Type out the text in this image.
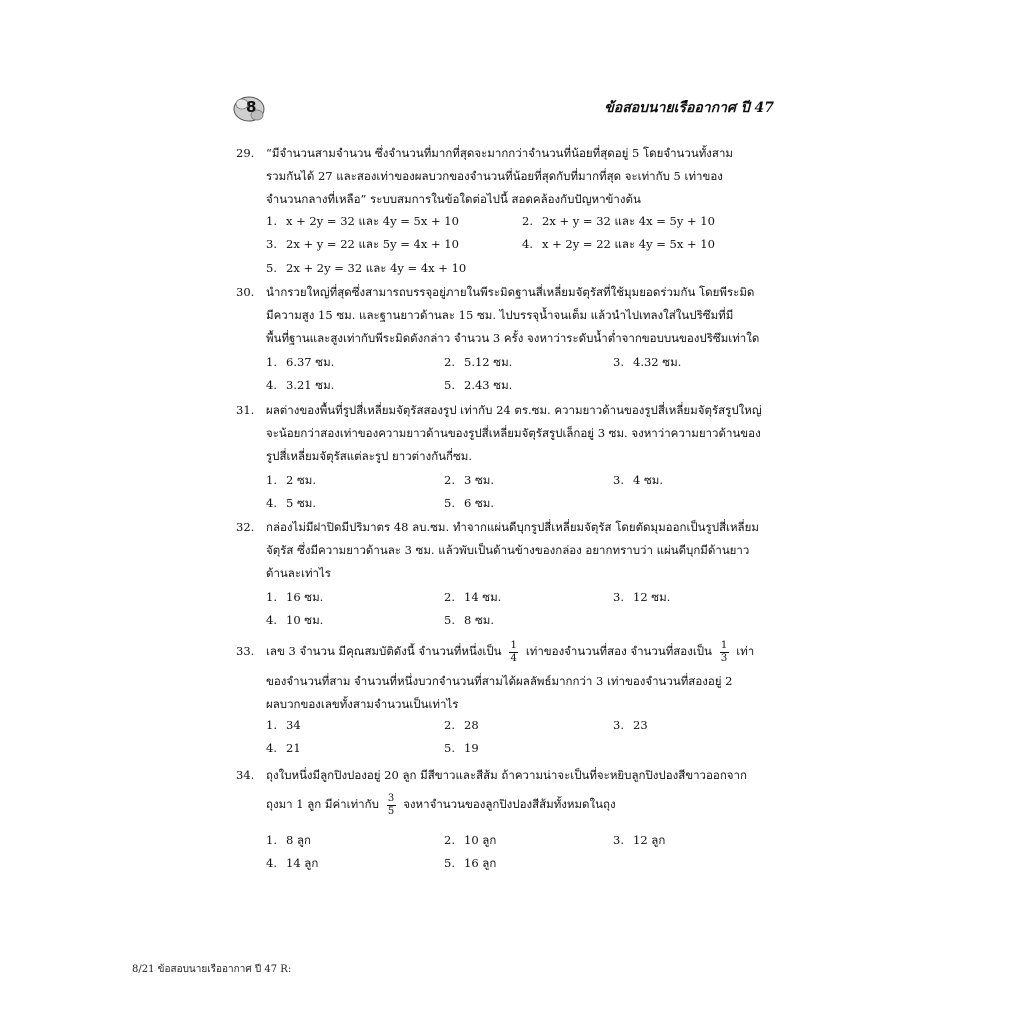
8	ข้อสอบนายเรืออากาศ ปี 47
29.	“มีจำนวนสามจำนวน ซึ่งจำนวนที่มากที่สุดจะมากกว่าจำนวนที่น้อยที่สุดอยู่ 5 โดยจำนวนทั้งสาม
รวมกันได้ 27 และสองเท่าของผลบวกของจำนวนที่น้อยที่สุดกับที่มากที่สุด จะเท่ากับ 5 เท่าของ
จำนวนกลางที่เหลือ” ระบบสมการในข้อใดต่อไปนี้ สอดคล้องกับปัญหาข้างต้น
1. x + 2y = 32 และ 4y = 5x + 10	2. 2x + y = 32 และ 4x = 5y + 10
3. 2x + y = 22 และ 5y = 4x + 10	4. x + 2y = 22 และ 4y = 5x + 10
5. 2x + 2y = 32 และ 4y = 4x + 10
30.	นำกรวยใหญ่ที่สุดซึ่งสามารถบรรจุอยู่ภายในพีระมิดฐานสี่เหลี่ยมจัตุรัสที่ใช้มุมยอดร่วมกัน โดยพีระมิด
มีความสูง 15 ซม. และฐานยาวด้านละ 15 ซม. ไปบรรจุน้ำจนเต็ม แล้วนำไปเทลงใส่ในปริซึมที่มี
พื้นที่ฐานและสูงเท่ากับพีระมิดดังกล่าว จำนวน 3 ครั้ง จงหาว่าระดับน้ำต่ำจากขอบบนของปริซึมเท่าใด
1. 6.37 ซม.	2. 5.12 ซม.	3. 4.32 ซม.
4. 3.21 ซม.	5. 2.43 ซม.
31.	ผลต่างของพื้นที่รูปสี่เหลี่ยมจัตุรัสสองรูป เท่ากับ 24 ตร.ซม. ความยาวด้านของรูปสี่เหลี่ยมจัตุรัสรูปใหญ่
จะน้อยกว่าสองเท่าของความยาวด้านของรูปสี่เหลี่ยมจัตุรัสรูปเล็กอยู่ 3 ซม. จงหาว่าความยาวด้านของ
รูปสี่เหลี่ยมจัตุรัสแต่ละรูป ยาวต่างกันกี่ซม.
1. 2 ซม.	2. 3 ซม.	3. 4 ซม.
4. 5 ซม.	5. 6 ซม.
32.	กล่องไม่มีฝาปิดมีปริมาตร 48 ลบ.ซม. ทำจากแผ่นดีบุกรูปสี่เหลี่ยมจัตุรัส โดยตัดมุมออกเป็นรูปสี่เหลี่ยม
จัตุรัส ซึ่งมีความยาวด้านละ 3 ซม. แล้วพับเป็นด้านข้างของกล่อง อยากทราบว่า แผ่นดีบุกมีด้านยาว
ด้านละเท่าไร
1. 16 ซม.	2. 14 ซม.	3. 12 ซม.
4. 10 ซม.	5. 8 ซม.
33.	เลข 3 จำนวน มีคุณสมบัติดังนี้ จำนวนที่หนึ่งเป็น $\frac{1}{4}$ เท่าของจำนวนที่สอง จำนวนที่สองเป็น $\frac{1}{3}$ เท่า
ของจำนวนที่สาม จำนวนที่หนึ่งบวกจำนวนที่สามได้ผลลัพธ์มากกว่า 3 เท่าของจำนวนที่สองอยู่ 2
ผลบวกของเลขทั้งสามจำนวนเป็นเท่าไร
1. 34	2. 28	3. 23
4. 21	5. 19
34.	ถุงใบหนึ่งมีลูกปิงปองอยู่ 20 ลูก มีสีขาวและสีส้ม ถ้าความน่าจะเป็นที่จะหยิบลูกปิงปองสีขาวออกจาก
ถุงมา 1 ลูก มีค่าเท่ากับ $\frac{3}{5}$ จงหาจำนวนของลูกปิงปองสีส้มทั้งหมดในถุง
1. 8 ลูก	2. 10 ลูก	3. 12 ลูก
4. 14 ลูก	5. 16 ลูก
8/21 ข้อสอบนายเรืออากาศ ปี 47 R:
